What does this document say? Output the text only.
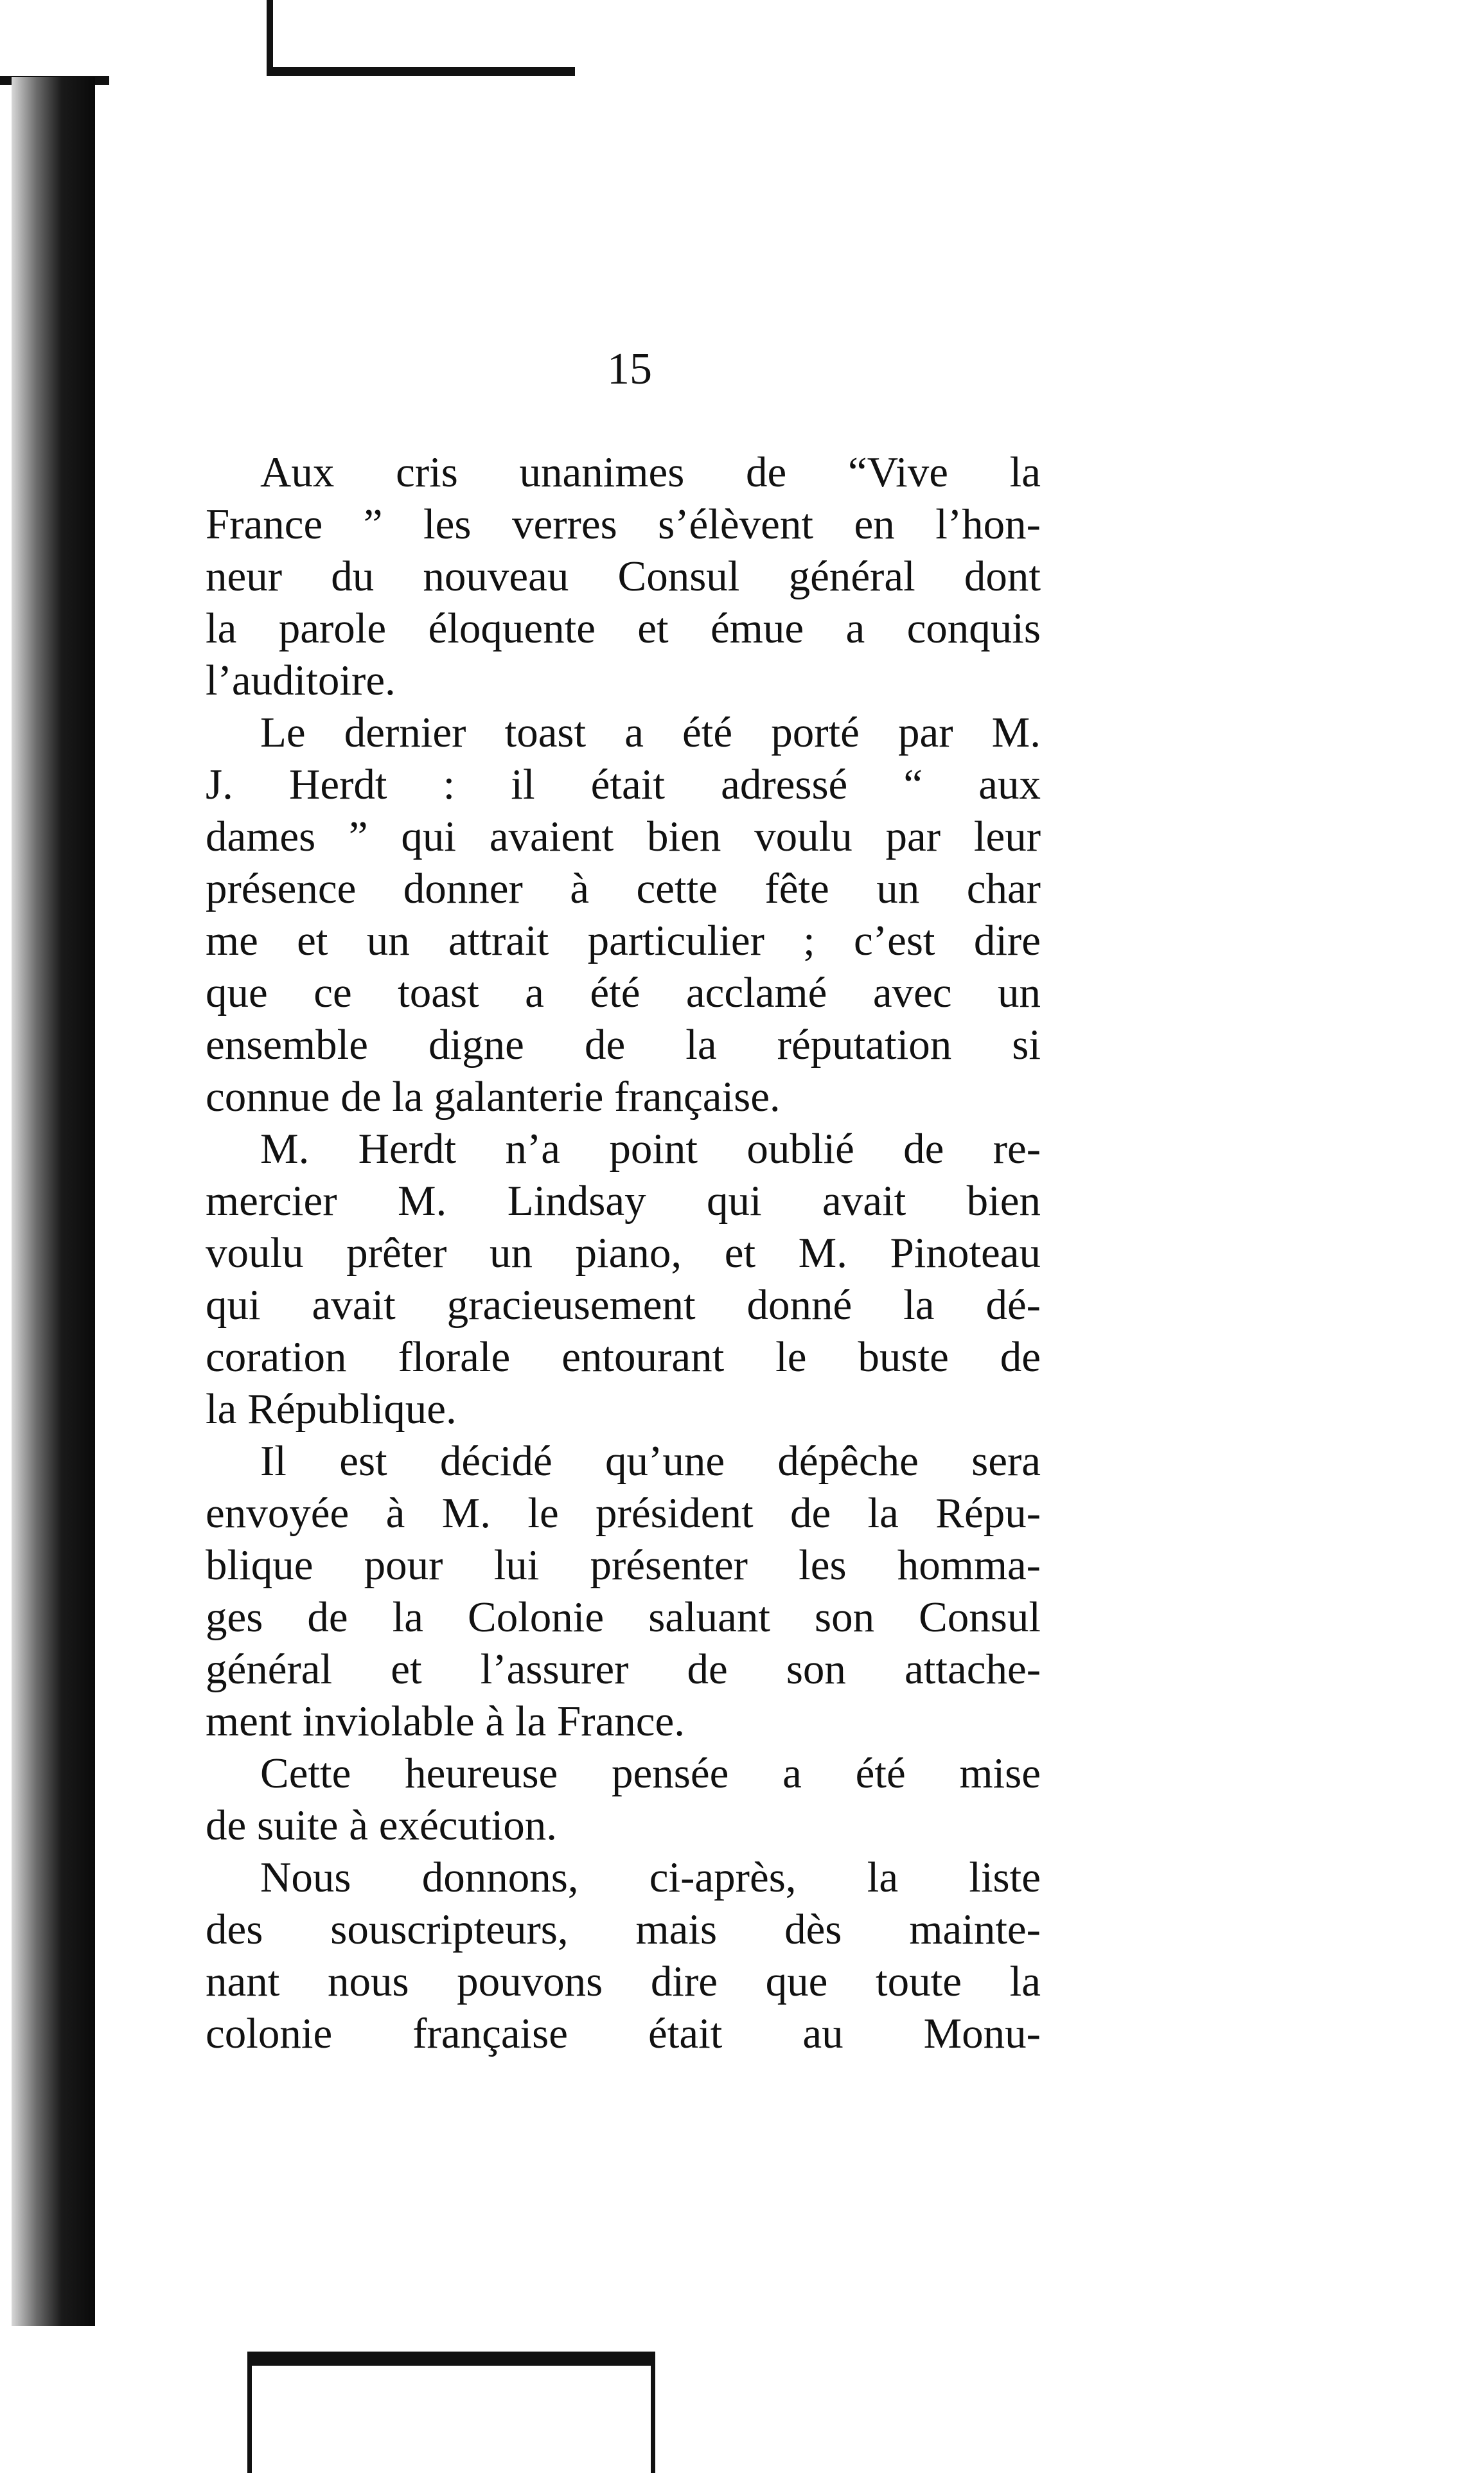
15
Aux cris unanimes de “Vive la
France ” les verres s’élèvent en l’hon-
neur du nouveau Consul général dont
la parole éloquente et émue a conquis
l’auditoire.
Le dernier toast a été porté par M.
J. Herdt : il était adressé “ aux
dames ” qui avaient bien voulu par leur
présence donner à cette fête un char
me et un attrait particulier ; c’est dire
que ce toast a été acclamé avec un
ensemble digne de la réputation si
connue de la galanterie française.
M. Herdt n’a point oublié de re-
mercier M. Lindsay qui avait bien
voulu prêter un piano, et M. Pinoteau
qui avait gracieusement donné la dé-
coration florale entourant le buste de
la République.
Il est décidé qu’une dépêche sera
envoyée à M. le président de la Répu-
blique pour lui présenter les homma-
ges de la Colonie saluant son Consul
général et l’assurer de son attache-
ment inviolable à la France.
Cette heureuse pensée a été mise
de suite à exécution.
Nous donnons, ci-après, la liste
des souscripteurs, mais dès mainte-
nant nous pouvons dire que toute la
colonie française était au Monu-
